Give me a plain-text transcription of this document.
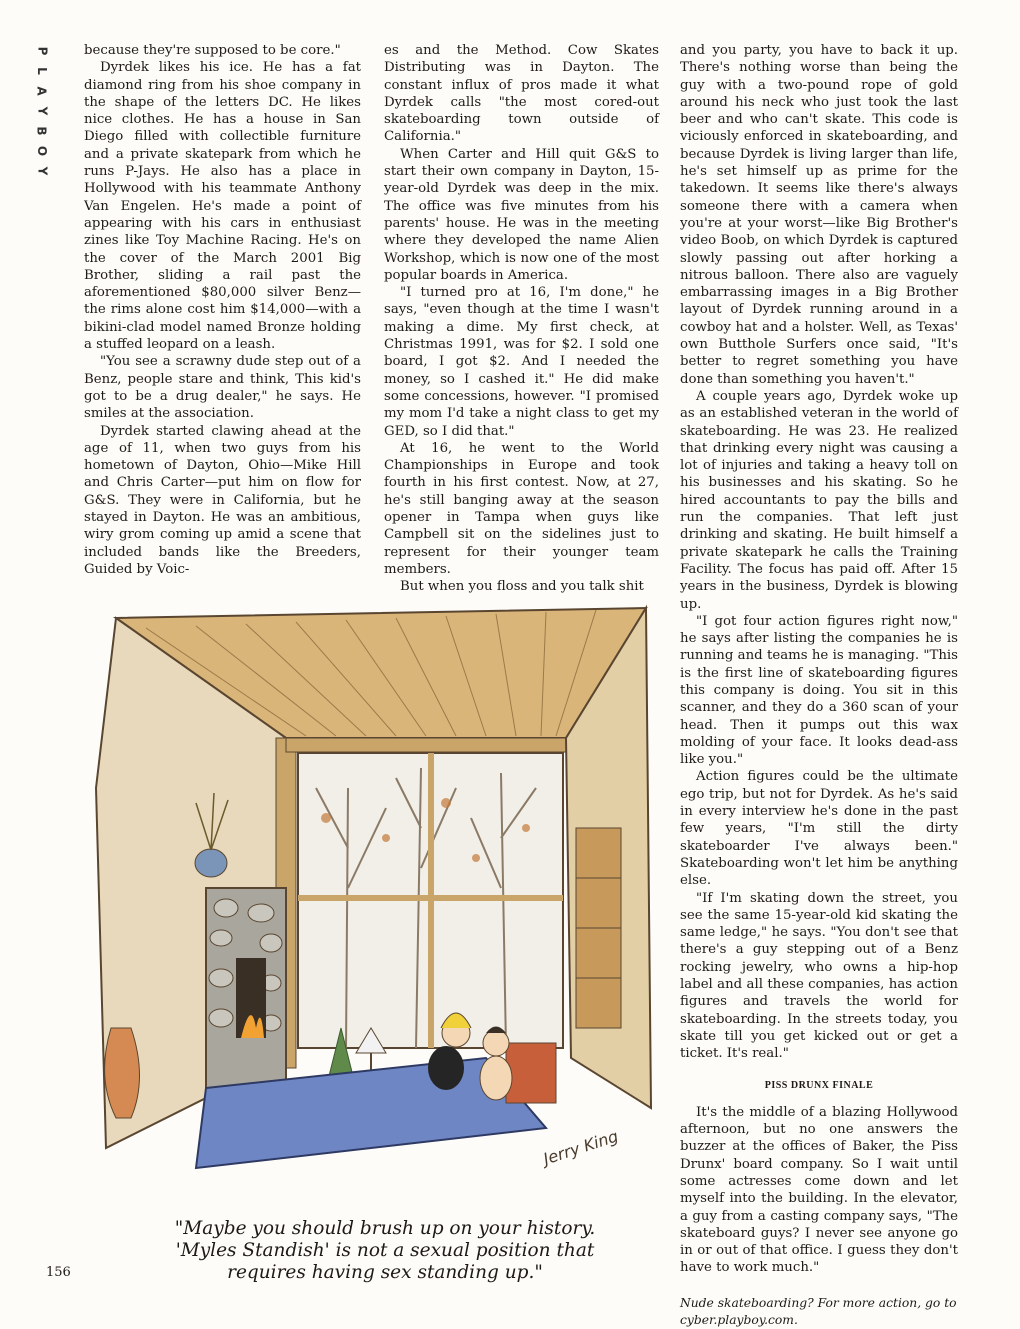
P
L
A
Y
B
O
Y

because they're supposed to be core."

Dyrdek likes his ice. He has a fat diamond ring from his shoe company in the shape of the letters DC. He likes nice clothes. He has a house in San Diego filled with collectible furniture and a private skatepark from which he runs P-Jays. He also has a place in Hollywood with his teammate Anthony Van Engelen. He's made a point of appearing with his cars in enthusiast zines like Toy Machine Racing. He's on the cover of the March 2001 Big Brother, sliding a rail past the aforementioned $80,000 silver Benz—the rims alone cost him $14,000—with a bikini-clad model named Bronze holding a stuffed leopard on a leash.

"You see a scrawny dude step out of a Benz, people stare and think, This kid's got to be a drug dealer," he says. He smiles at the association.

Dyrdek started clawing ahead at the age of 11, when two guys from his hometown of Dayton, Ohio—Mike Hill and Chris Carter—put him on flow for G&S. They were in California, but he stayed in Dayton. He was an ambitious, wiry grom coming up amid a scene that included bands like the Breeders, Guided by Voic-

es and the Method. Cow Skates Distributing was in Dayton. The constant influx of pros made it what Dyrdek calls "the most cored-out skateboarding town outside of California."

When Carter and Hill quit G&S to start their own company in Dayton, 15-year-old Dyrdek was deep in the mix. The office was five minutes from his parents' house. He was in the meeting where they developed the name Alien Workshop, which is now one of the most popular boards in America.

"I turned pro at 16, I'm done," he says, "even though at the time I wasn't making a dime. My first check, at Christmas 1991, was for $2. I sold one board, I got $2. And I needed the money, so I cashed it." He did make some concessions, however. "I promised my mom I'd take a night class to get my GED, so I did that."

At 16, he went to the World Championships in Europe and took fourth in his first contest. Now, at 27, he's still banging away at the season opener in Tampa when guys like Campbell sit on the sidelines just to represent for their younger team members.

But when you floss and you talk shit

and you party, you have to back it up. There's nothing worse than being the guy with a two-pound rope of gold around his neck who just took the last beer and who can't skate. This code is viciously enforced in skateboarding, and because Dyrdek is living larger than life, he's set himself up as prime for the takedown. It seems like there's always someone there with a camera when you're at your worst—like Big Brother's video Boob, on which Dyrdek is captured slowly passing out after horking a nitrous balloon. There also are vaguely embarrassing images in a Big Brother layout of Dyrdek running around in a cowboy hat and a holster. Well, as Texas' own Butthole Surfers once said, "It's better to regret something you have done than something you haven't."

A couple years ago, Dyrdek woke up as an established veteran in the world of skateboarding. He was 23. He realized that drinking every night was causing a lot of injuries and taking a heavy toll on his businesses and his skating. So he hired accountants to pay the bills and run the companies. That left just drinking and skating. He built himself a private skatepark he calls the Training Facility. The focus has paid off. After 15 years in the business, Dyrdek is blowing up.

"I got four action figures right now," he says after listing the companies he is running and teams he is managing. "This is the first line of skateboarding figures this company is doing. You sit in this scanner, and they do a 360 scan of your head. Then it pumps out this wax molding of your face. It looks dead-ass like you."

Action figures could be the ultimate ego trip, but not for Dyrdek. As he's said in every interview he's done in the past few years, "I'm still the dirty skateboarder I've always been." Skateboarding won't let him be anything else.

"If I'm skating down the street, you see the same 15-year-old kid skating the same ledge," he says. "You don't see that there's a guy stepping out of a Benz rocking jewelry, who owns a hip-hop label and all these companies, has action figures and travels the world for skateboarding. In the streets today, you skate till you get kicked out or get a ticket. It's real."

PISS DRUNX FINALE

It's the middle of a blazing Hollywood afternoon, but no one answers the buzzer at the offices of Baker, the Piss Drunx' board company. So I wait until some actresses come down and let myself into the building. In the elevator, a guy from a casting company says, "The skateboard guys? I never see anyone go in or out of that office. I guess they don't have to work much."

Nude skateboarding? For more action, go to cyber.playboy.com.
Jerry King
"Maybe you should brush up on your history. 'Myles Standish' is not a sexual position that requires having sex standing up."
156
